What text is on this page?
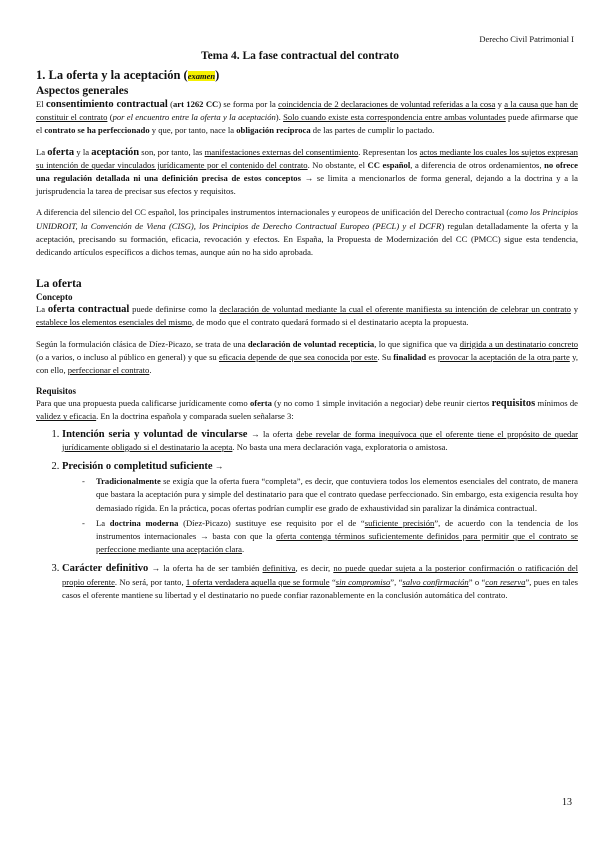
Derecho Civil Patrimonial I
Tema 4. La fase contractual del contrato
1. La oferta y la aceptación (examen)
Aspectos generales

El consentimiento contractual (art 1262 CC) se forma por la coincidencia de 2 declaraciones de voluntad referidas a la cosa y a la causa que han de constituir el contrato (por el encuentro entre la oferta y la aceptación). Solo cuando existe esta correspondencia entre ambas voluntades puede afirmarse que el contrato se ha perfeccionado y que, por tanto, nace la obligación recíproca de las partes de cumplir lo pactado.

La oferta y la aceptación son, por tanto, las manifestaciones externas del consentimiento. Representan los actos mediante los cuales los sujetos expresan su intención de quedar vinculados jurídicamente por el contenido del contrato. No obstante, el CC español, a diferencia de otros ordenamientos, no ofrece una regulación detallada ni una definición precisa de estos conceptos → se limita a mencionarlos de forma general, dejando a la doctrina y a la jurisprudencia la tarea de precisar sus efectos y requisitos.

A diferencia del silencio del CC español, los principales instrumentos internacionales y europeos de unificación del Derecho contractual (como los Principios UNIDROIT, la Convención de Viena (CISG), los Principios de Derecho Contractual Europeo (PECL) y el DCFR) regulan detalladamente la oferta y la aceptación, precisando su formación, eficacia, revocación y efectos. En España, la Propuesta de Modernización del CC (PMCC) sigue esta tendencia, dedicando artículos específicos a dichos temas, aunque aún no ha sido aprobada.

La oferta
Concepto

La oferta contractual puede definirse como la declaración de voluntad mediante la cual el oferente manifiesta su intención de celebrar un contrato y establece los elementos esenciales del mismo, de modo que el contrato quedará formado si el destinatario acepta la propuesta.

Según la formulación clásica de Díez-Picazo, se trata de una declaración de voluntad recepticia, lo que significa que va dirigida a un destinatario concreto (o a varios, o incluso al público en general) y que su eficacia depende de que sea conocida por este. Su finalidad es provocar la aceptación de la otra parte y, con ello, perfeccionar el contrato.

Requisitos

Para que una propuesta pueda calificarse jurídicamente como oferta (y no como 1 simple invitación a negociar) debe reunir ciertos requisitos mínimos de validez y eficacia. En la doctrina española y comparada suelen señalarse 3:

1. Intención seria y voluntad de vincularse → la oferta debe revelar de forma inequívoca que el oferente tiene el propósito de quedar jurídicamente obligado si el destinatario la acepta. No basta una mera declaración vaga, exploratoria o amistosa.
2. Precisión o completitud suficiente →
- Tradicionalmente se exigía que la oferta fuera “completa”, es decir, que contuviera todos los elementos esenciales del contrato, de manera que bastara la aceptación pura y simple del destinatario para que el contrato quedase perfeccionado. Sin embargo, esta exigencia resulta hoy demasiado rígida. En la práctica, pocas ofertas podrían cumplir ese grado de exhaustividad sin paralizar la dinámica contractual.
- La doctrina moderna (Díez-Picazo) sustituye ese requisito por el de “suficiente precisión”, de acuerdo con la tendencia de los instrumentos internacionales → basta con que la oferta contenga términos suficientemente definidos para permitir que el contrato se perfeccione mediante una aceptación clara.
3. Carácter definitivo → la oferta ha de ser también definitiva, es decir, no puede quedar sujeta a la posterior confirmación o ratificación del propio oferente. No será, por tanto, 1 oferta verdadera aquella que se formule “sin compromiso”, “salvo confirmación” o “con reserva”, pues en tales casos el oferente mantiene su libertad y el destinatario no puede confiar razonablemente en la conclusión automática del contrato.
13
